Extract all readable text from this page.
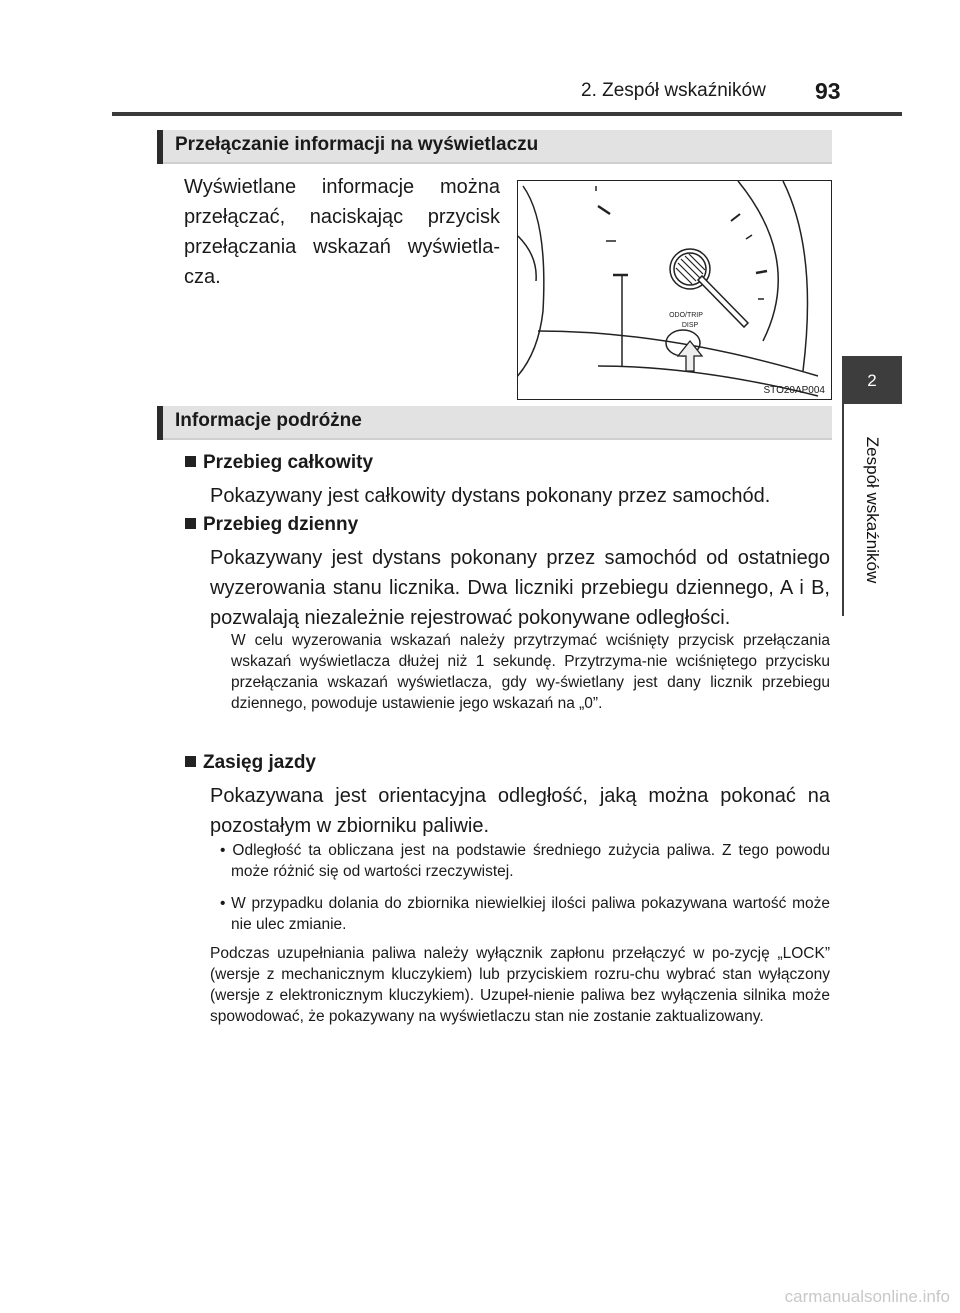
2. Zespół wskaźników 93
2
Zespół wskaźników
Przełączanie informacji na wyświetlaczu
Wyświetlane informacje można przełączać, naciskając przycisk przełączania wskazań wyświetla-cza.
ODO/TRIP
DISP
STO20AP004
Informacje podróżne
Przebieg całkowity
Pokazywany jest całkowity dystans pokonany przez samochód.
Przebieg dzienny
Pokazywany jest dystans pokonany przez samochód od ostatniego wyzerowania stanu licznika. Dwa liczniki przebiegu dziennego, A i B, pozwalają niezależnie rejestrować pokonywane odległości.
W celu wyzerowania wskazań należy przytrzymać wciśnięty przycisk przełączania wskazań wyświetlacza dłużej niż 1 sekundę. Przytrzyma-nie wciśniętego przycisku przełączania wskazań wyświetlacza, gdy wy-świetlany jest dany licznik przebiegu dziennego, powoduje ustawienie jego wskazań na „0”.
Zasięg jazdy
Pokazywana jest orientacyjna odległość, jaką można pokonać na pozostałym w zbiorniku paliwie.
• Odległość ta obliczana jest na podstawie średniego zużycia paliwa. Z tego powodu może różnić się od wartości rzeczywistej.
• W przypadku dolania do zbiornika niewielkiej ilości paliwa pokazywana wartość może nie ulec zmianie.
Podczas uzupełniania paliwa należy wyłącznik zapłonu przełączyć w po-zycję „LOCK” (wersje z mechanicznym kluczykiem) lub przyciskiem rozru-chu wybrać stan wyłączony (wersje z elektronicznym kluczykiem). Uzupeł-nienie paliwa bez wyłączenia silnika może spowodować, że pokazywany na wyświetlaczu stan nie zostanie zaktualizowany.
carmanualsonline.info
